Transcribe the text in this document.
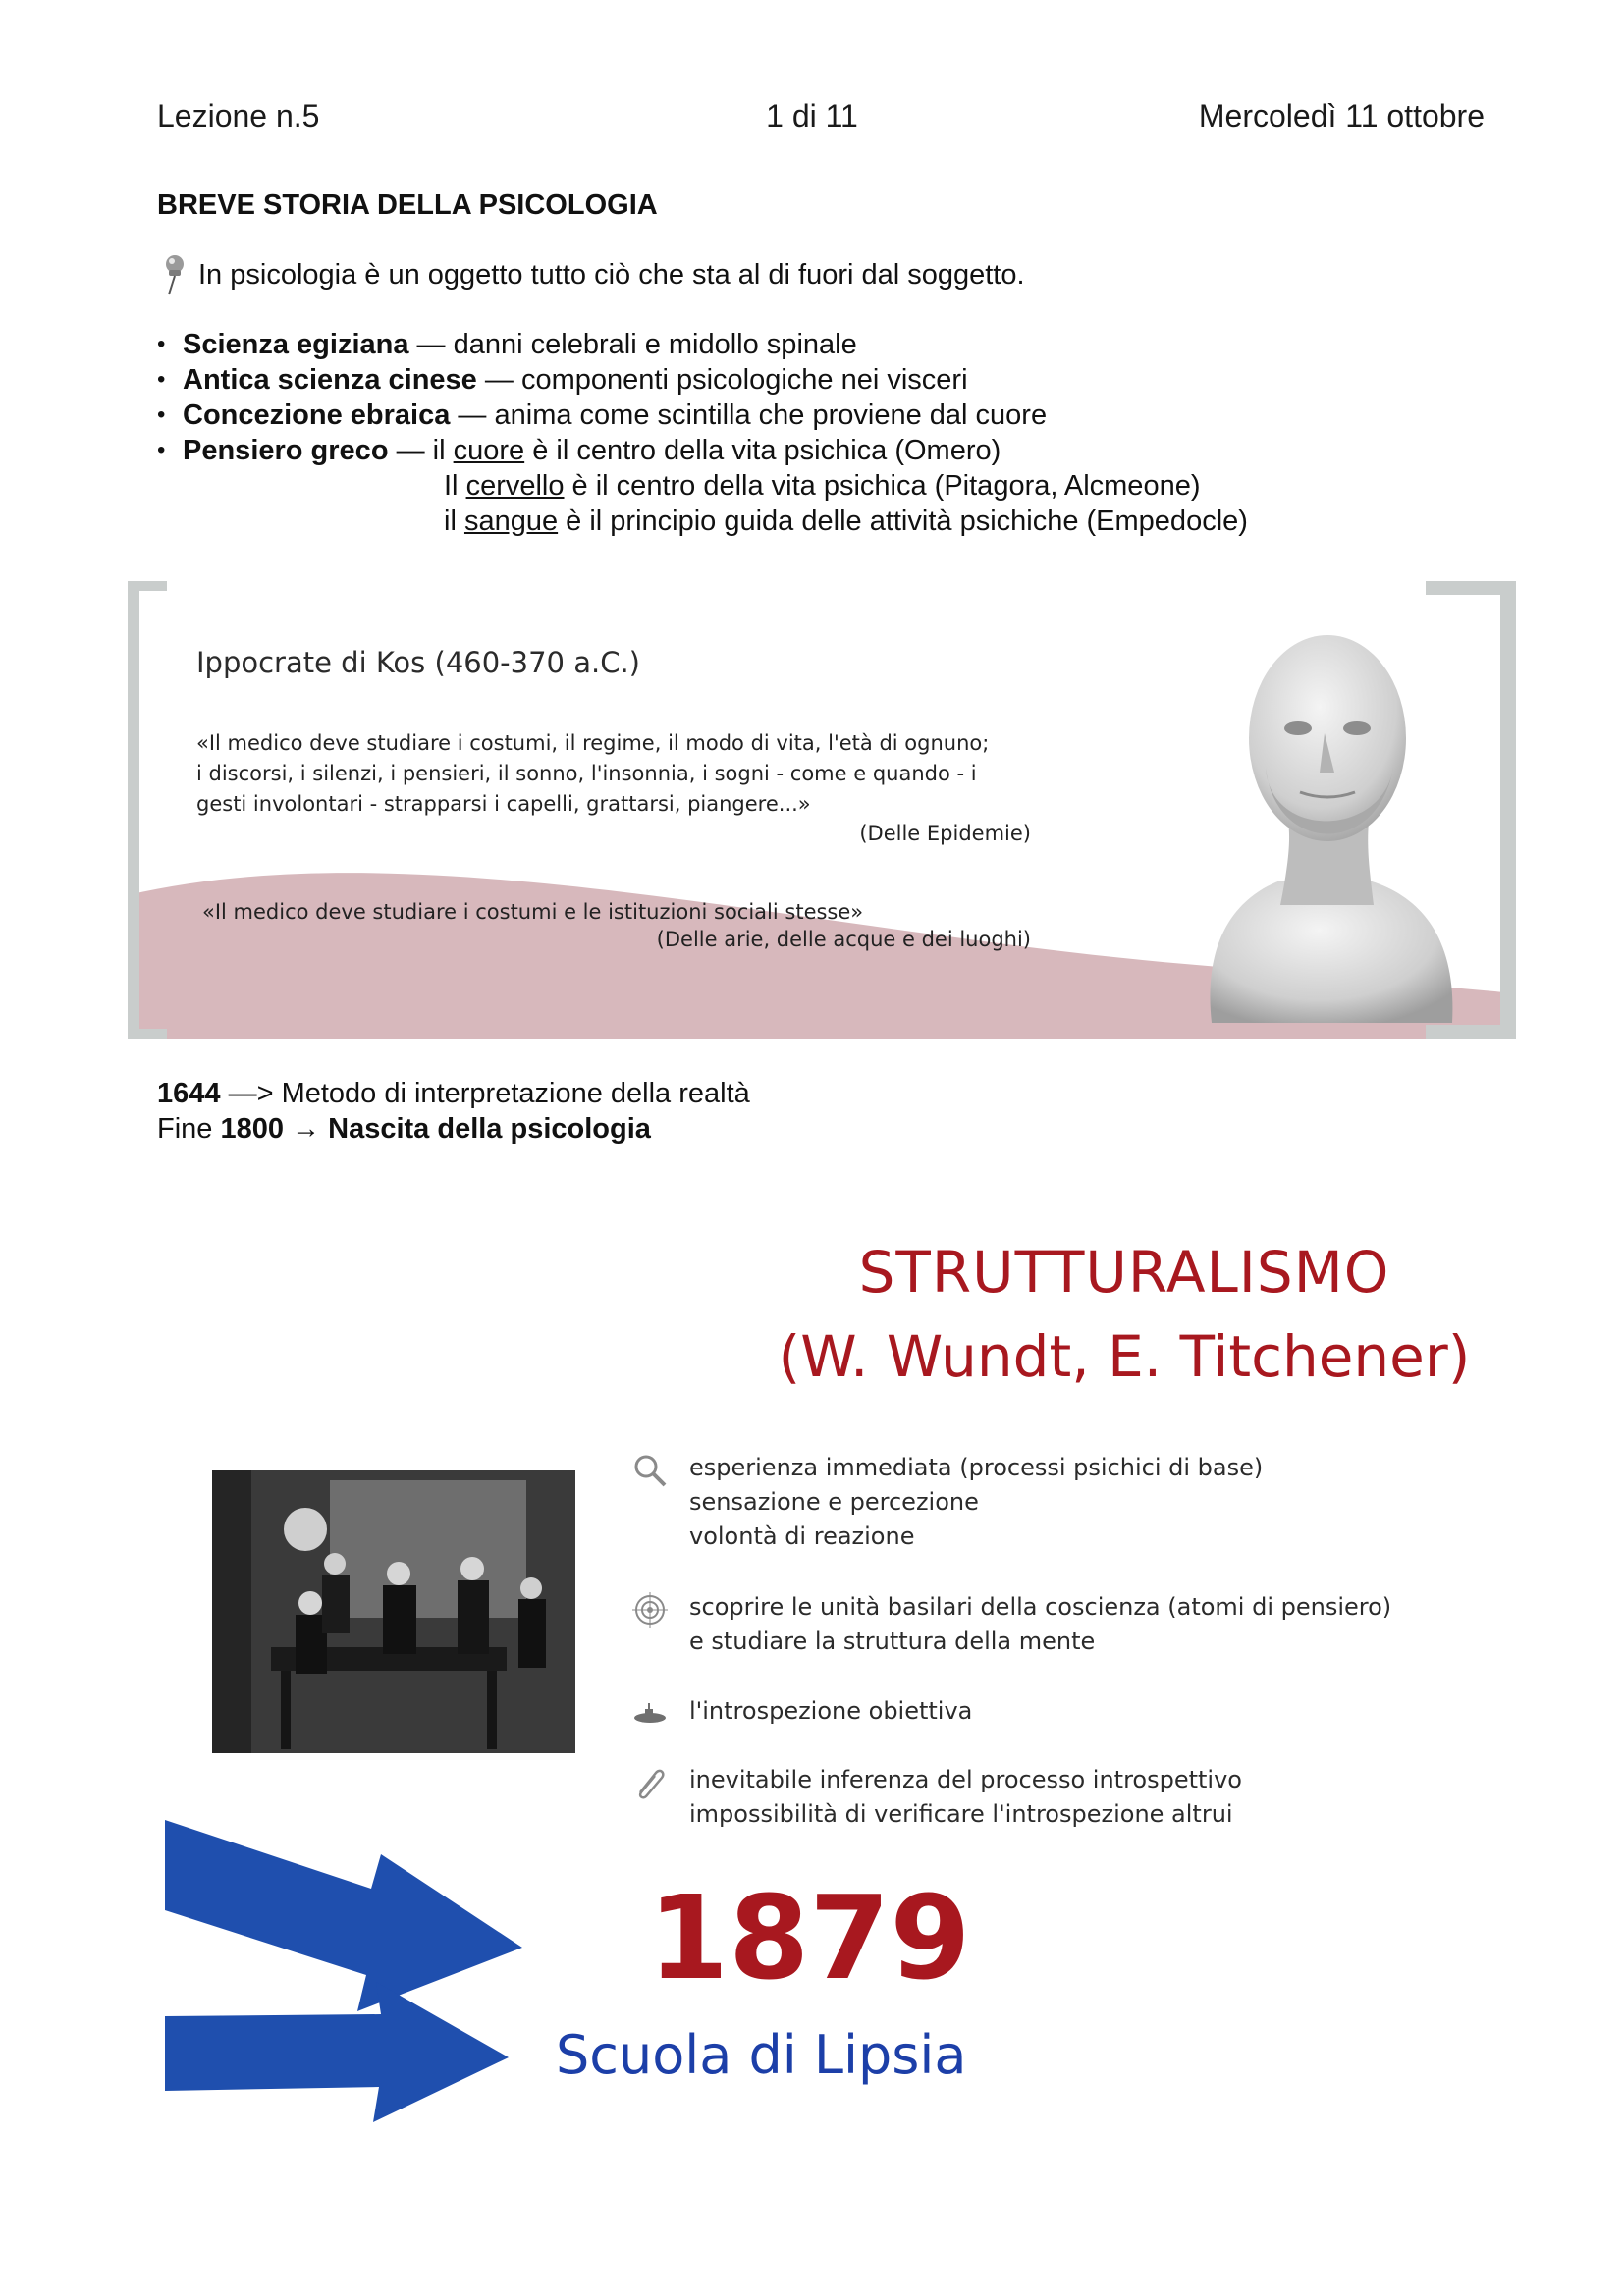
Lezione n.5	1 di 11	Mercoledì 11 ottobre
BREVE STORIA DELLA PSICOLOGIA
In psicologia è un oggetto tutto ciò che sta al di fuori dal soggetto.
• Scienza egiziana — danni celebrali e midollo spinale
• Antica scienza cinese — componenti psicologiche nei visceri
• Concezione ebraica — anima come scintilla che proviene dal cuore
• Pensiero greco — il cuore è il centro della vita psichica (Omero)
Il cervello è il centro della vita psichica (Pitagora, Alcmeone)
il sangue è il principio guida delle attività psichiche (Empedocle)
Ippocrate di Kos (460-370 a.C.)
«Il medico deve studiare i costumi, il regime, il modo di vita, l'età di ognuno;
i discorsi, i silenzi, i pensieri, il sonno, l'insonnia, i sogni - come e quando - i
gesti involontari - strapparsi i capelli, grattarsi, piangere...»
(Delle Epidemie)
«Il medico deve studiare i costumi e le istituzioni sociali stesse»
(Delle arie, delle acque e dei luoghi)
1644 —> Metodo di interpretazione della realtà
Fine 1800 → Nascita della psicologia
STRUTTURALISMO
(W. Wundt, E. Titchener)
esperienza immediata (processi psichici di base)
sensazione e percezione
volontà di reazione
scoprire le unità basilari della coscienza (atomi di pensiero)
e studiare la struttura della mente
l'introspezione obiettiva
inevitabile inferenza del processo introspettivo
impossibilità di verificare l'introspezione altrui
1879
Scuola di Lipsia
